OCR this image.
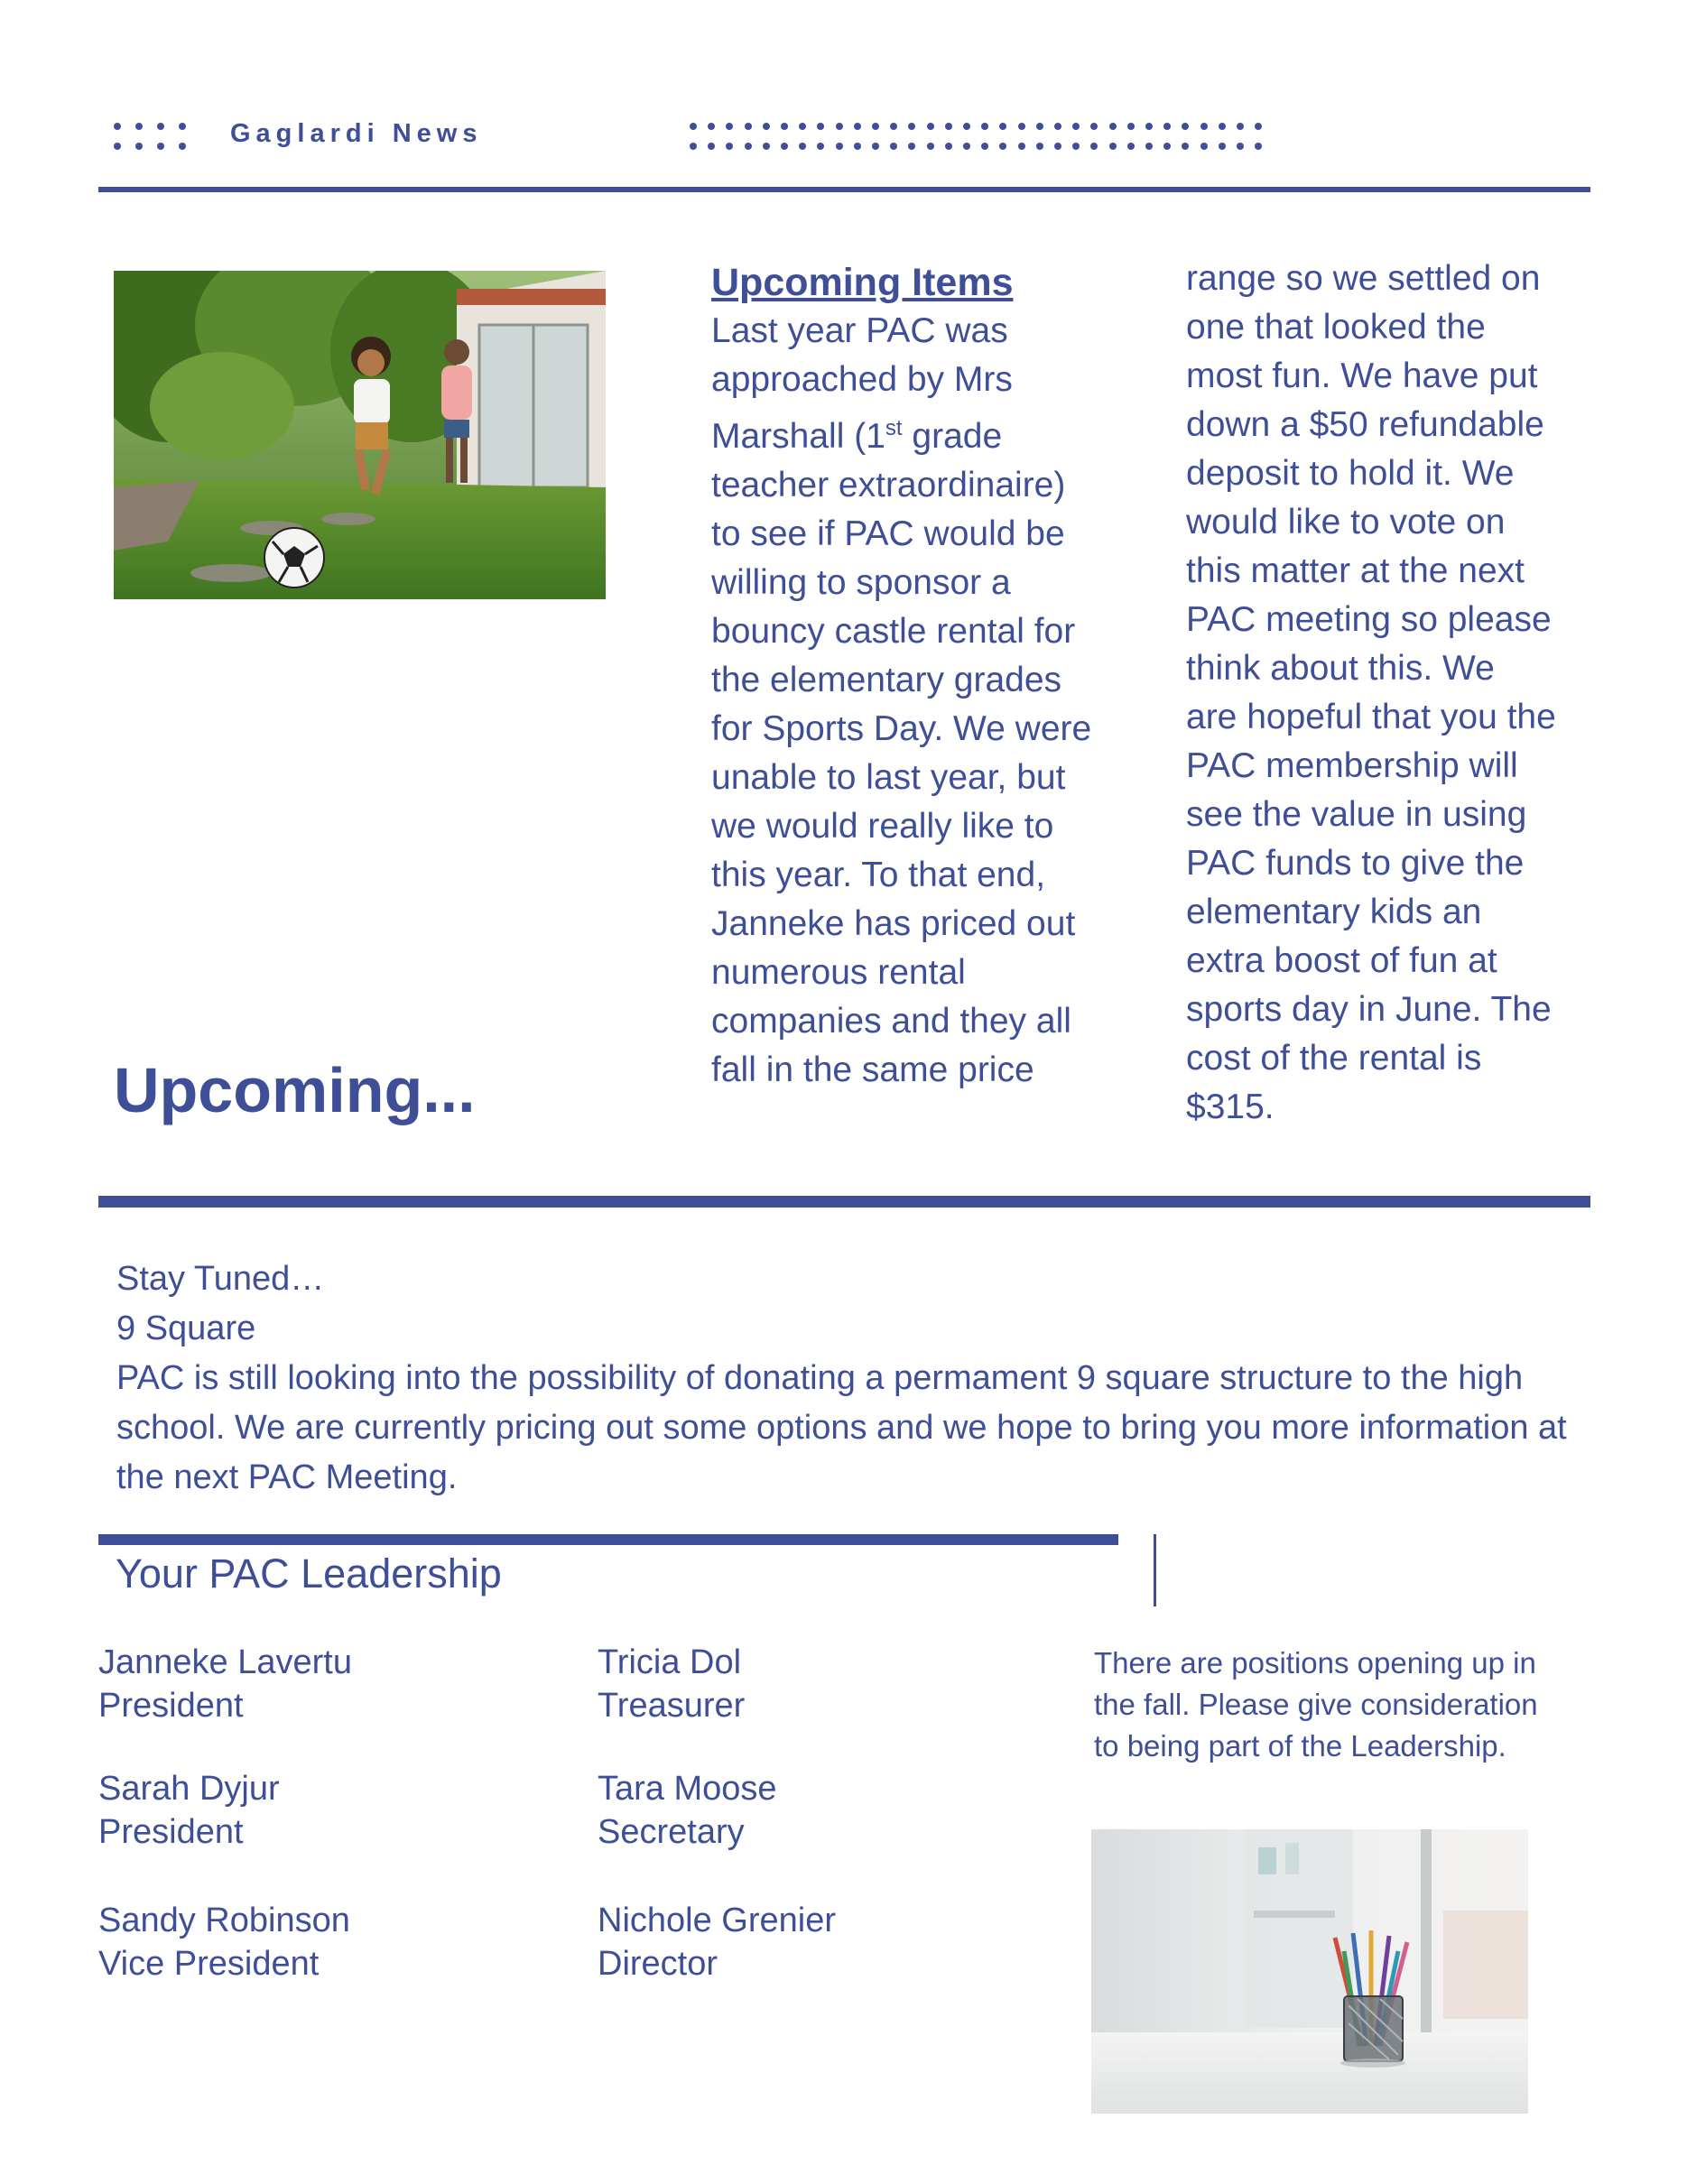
Gaglardi News
Upcoming...
Upcoming Items
Last year PAC was
approached by Mrs
Marshall (1st grade
teacher extraordinaire)
to see if PAC would be
willing to sponsor a
bouncy castle rental for
the elementary grades
for Sports Day. We were
unable to last year, but
we would really like to
this year. To that end,
Janneke has priced out
numerous rental
companies and they all
fall in the same price
range so we settled on
one that looked the
most fun. We have put
down a $50 refundable
deposit to hold it. We
would like to vote on
this matter at the next
PAC meeting so please
think about this. We
are hopeful that you the
PAC membership will
see the value in using
PAC funds to give the
elementary kids an
extra boost of fun at
sports day in June. The
cost of the rental is
$315.
Stay Tuned…
9 Square
PAC is still looking into the possibility of donating a permament 9 square structure to the high school. We are currently pricing out some options and we hope to bring you more information at the next PAC Meeting.
Your PAC Leadership
Janneke Lavertu
President
Sarah Dyjur
President
Sandy Robinson
Vice President
Tricia Dol
Treasurer
Tara Moose
Secretary
Nichole Grenier
Director
There are positions opening up in the fall. Please give consideration to being part of the Leadership.
